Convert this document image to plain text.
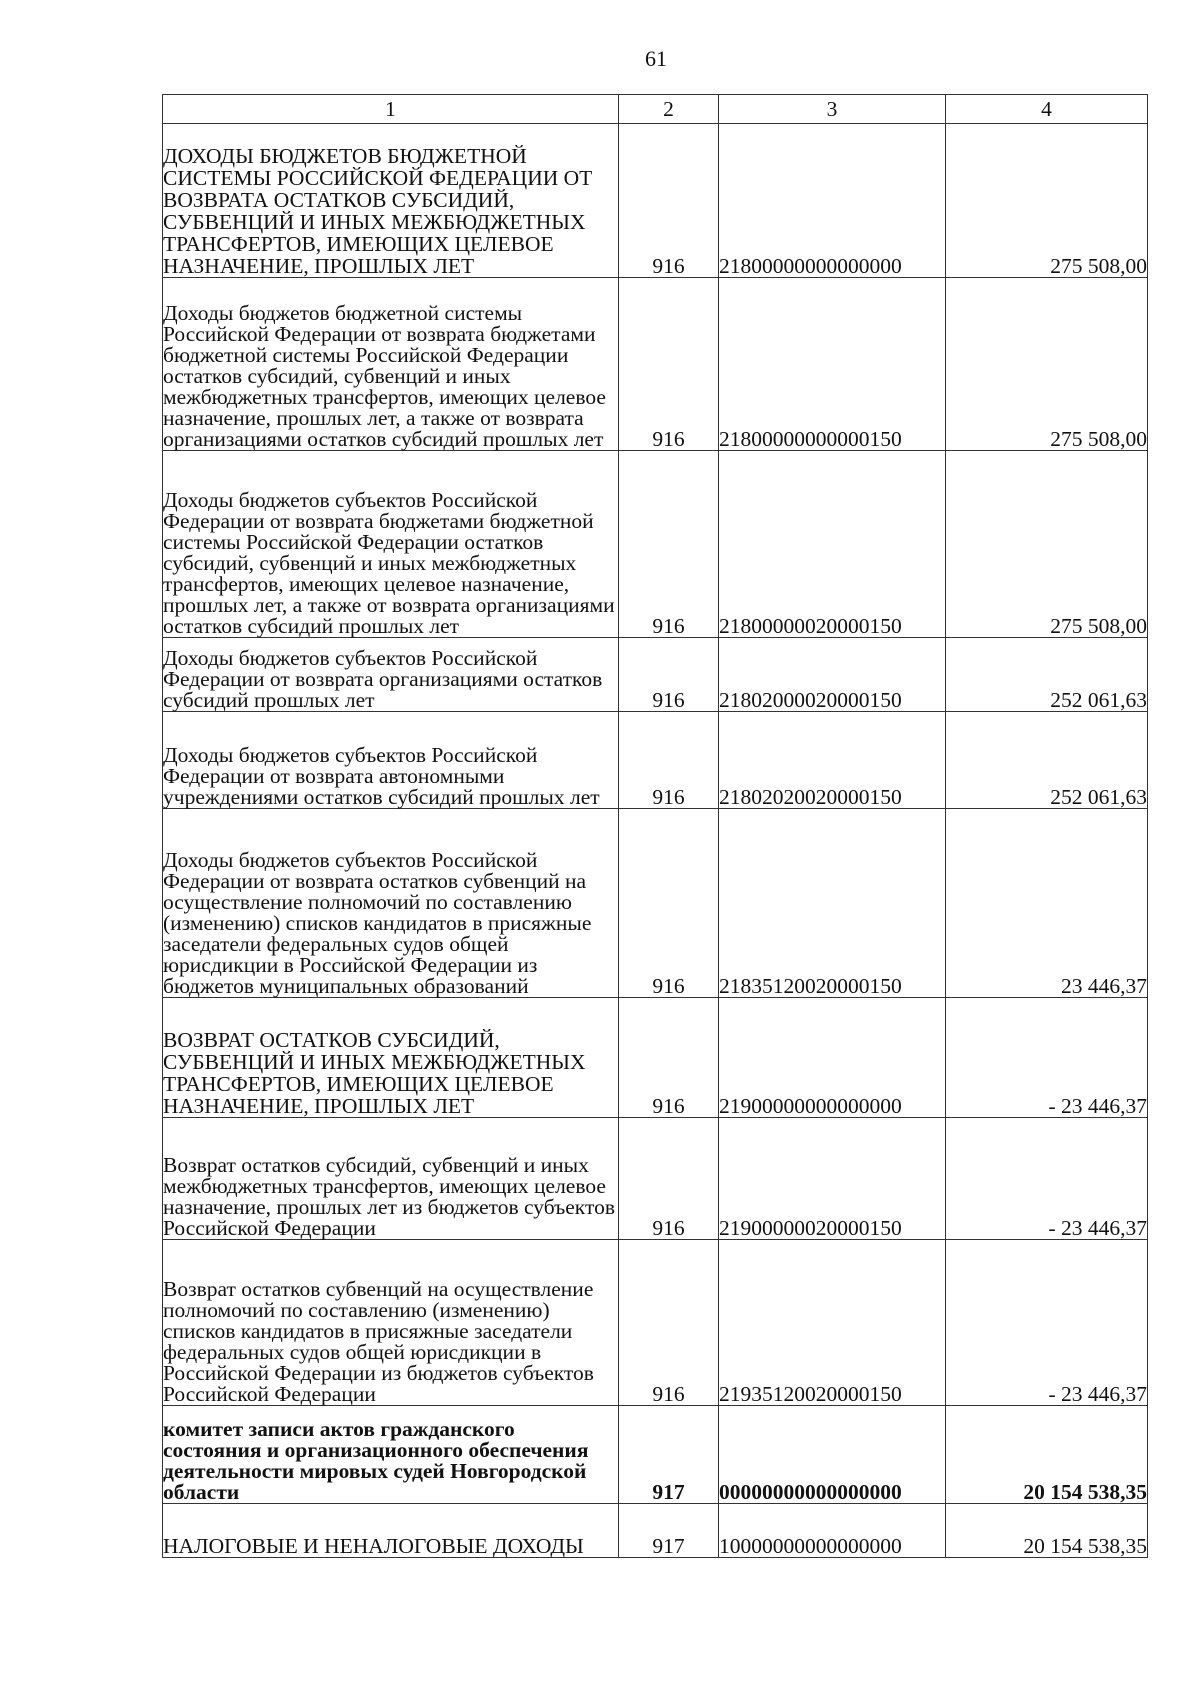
61
1	2	3	4
ДОХОДЫ БЮДЖЕТОВ БЮДЖЕТНОЙ СИСТЕМЫ РОССИЙСКОЙ ФЕДЕРАЦИИ ОТ ВОЗВРАТА ОСТАТКОВ СУБСИДИЙ, СУБВЕНЦИЙ И ИНЫХ МЕЖБЮДЖЕТНЫХ ТРАНСФЕРТОВ, ИМЕЮЩИХ ЦЕЛЕВОЕ НАЗНАЧЕНИЕ, ПРОШЛЫХ ЛЕТ	916	21800000000000000	275 508,00
Доходы бюджетов бюджетной системы Российской Федерации от возврата бюджетами бюджетной системы Российской Федерации остатков субсидий, субвенций и иных межбюджетных трансфертов, имеющих целевое назначение, прошлых лет, а также от возврата организациями остатков субсидий прошлых лет	916	21800000000000150	275 508,00
Доходы бюджетов субъектов Российской Федерации от возврата бюджетами бюджетной системы Российской Федерации остатков субсидий, субвенций и иных межбюджетных трансфертов, имеющих целевое назначение, прошлых лет, а также от возврата организациями остатков субсидий прошлых лет	916	21800000020000150	275 508,00
Доходы бюджетов субъектов Российской Федерации от возврата организациями остатков субсидий прошлых лет	916	21802000020000150	252 061,63
Доходы бюджетов субъектов Российской Федерации от возврата автономными учреждениями остатков субсидий прошлых лет	916	21802020020000150	252 061,63
Доходы бюджетов субъектов Российской Федерации от возврата остатков субвенций на осуществление полномочий по составлению (изменению) списков кандидатов в присяжные заседатели федеральных судов общей юрисдикции в Российской Федерации из бюджетов муниципальных образований	916	21835120020000150	23 446,37
ВОЗВРАТ ОСТАТКОВ СУБСИДИЙ, СУБВЕНЦИЙ И ИНЫХ МЕЖБЮДЖЕТНЫХ ТРАНСФЕРТОВ, ИМЕЮЩИХ ЦЕЛЕВОЕ НАЗНАЧЕНИЕ, ПРОШЛЫХ ЛЕТ	916	21900000000000000	- 23 446,37
Возврат остатков субсидий, субвенций и иных межбюджетных трансфертов, имеющих целевое назначение, прошлых лет из бюджетов субъектов Российской Федерации	916	21900000020000150	- 23 446,37
Возврат остатков субвенций на осуществление полномочий по составлению (изменению) списков кандидатов в присяжные заседатели федеральных судов общей юрисдикции в Российской Федерации из бюджетов субъектов Российской Федерации	916	21935120020000150	- 23 446,37
комитет записи актов гражданского состояния и организационного обеспечения деятельности мировых судей Новгородской области	917	00000000000000000	20 154 538,35
НАЛОГОВЫЕ И НЕНАЛОГОВЫЕ ДОХОДЫ	917	10000000000000000	20 154 538,35
